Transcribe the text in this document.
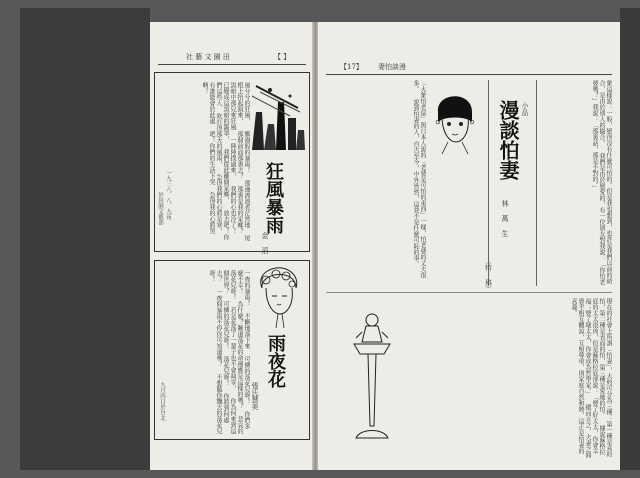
社 藝 文 園 田	【 】
狂風暴雨
金 滔
風兮兮的狂風， 瓢潑般的暴雨！ 那邊流浪者茫然地 尾根上抬起頭來， 那個前面那裏去？ 那裏是我的家鄉？ 黑暗中那兒來狂風 一陣陣撲過來， 我們的心也冷了！ 已變成這黑暗的籠罩， 我們從此離開家鄉， 放去吧！你們這些人 吹打得那天的風雨， 急得我們的心將是寒， 有誰能會於此處 吧！你們的生活下哭 急得我的心將哭啊！
一九三八．八．九夜
於田園文藝部
雨夜花
張氏慧美
一夜的暴雨！ 不斷地落下來 可憐的落花兒呀！ 你們多麼不幸！ 為什麼？難道落花的命運應是這樣的嗎？ 悲哀的落花兒呀！ 若是花落了一輩子也不會凋零， 你為何來到這個世界？ 可憐的落花兒呀！ 落花兒呀！ 你將到何處去？ 一夜間暴雨不停你可知道嗎？ 不想隨你飄去的落花兒呀！
九月四日於台北
【17】 妻怕談漫
小品
漫談怕妻
林 萬 生
（特 稿）	象這樣說：一般，戀得沒有什麼可怕的。但是我也想到，也許是我們以前的結合，是由於別人的撮合。 我們是由於戀愛的，有一位朋友對我說：「你怕老婆嗎？」我說：「那裏話，那是不對的。」
「大象怕老鼠」與日本人說的「老婆是可怕的東西」一樣，怕老婆的丈夫很多。 說到怕妻的人，自古至今，中外皆然，這並不是什麼可恥的事。
現在的社會上所謂「怕妻」，大約可分為三種：第一種是真的怕，第二種是表面的怕，第三種是愛她的怕。 據說蘇格拉底的太太很凶，但是蘇格拉底卻說：「娶了好太太，你會幸福；娶了壞太太，你會成為哲學家。」 總而言之，夫妻之間貴乎相互體諒，互相尊重，則家庭自然和睦，這正是怕妻的真義。
